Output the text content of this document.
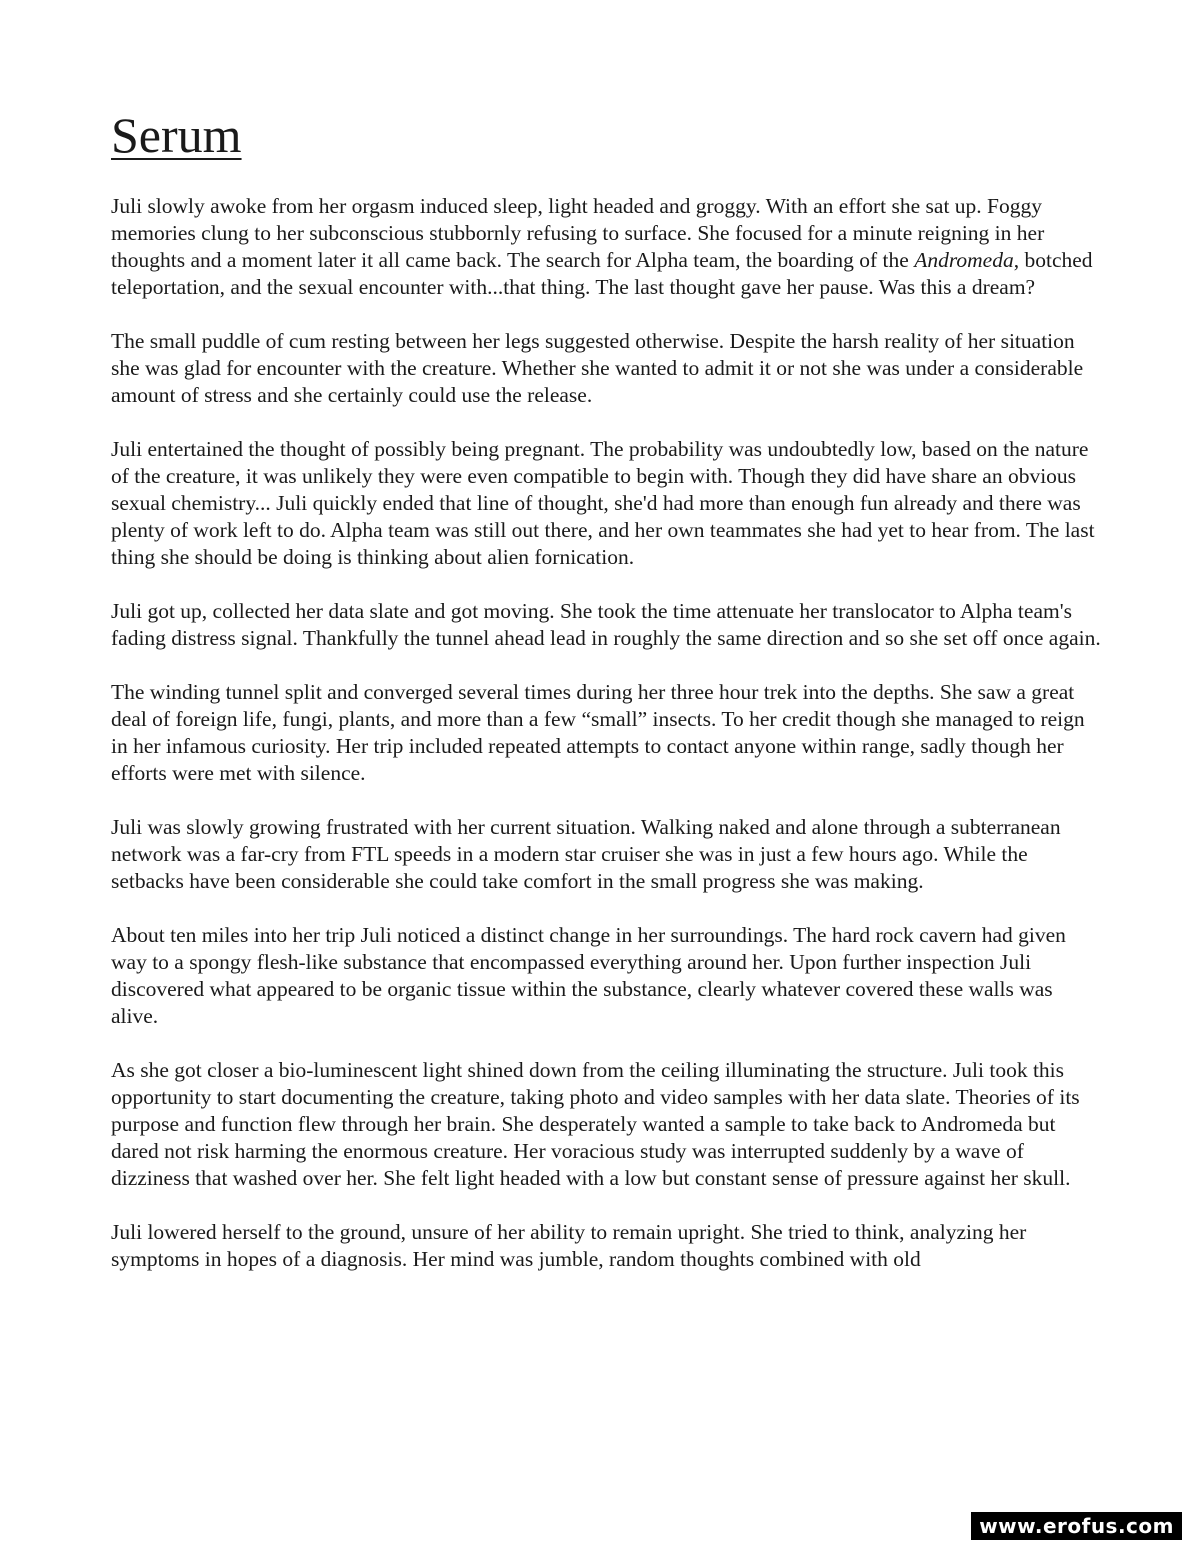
Serum

Juli slowly awoke from her orgasm induced sleep, light headed and groggy. With an effort she sat up. Foggy memories clung to her subconscious stubbornly refusing to surface. She focused for a minute reigning in her thoughts and a moment later it all came back. The search for Alpha team, the boarding of the Andromeda, botched teleportation, and the sexual encounter with...that thing. The last thought gave her pause. Was this a dream?

The small puddle of cum resting between her legs suggested otherwise. Despite the harsh reality of her situation she was glad for encounter with the creature. Whether she wanted to admit it or not she was under a considerable amount of stress and she certainly could use the release.

Juli entertained the thought of possibly being pregnant. The probability was undoubtedly low, based on the nature of the creature, it was unlikely they were even compatible to begin with. Though they did have share an obvious sexual chemistry... Juli quickly ended that line of thought, she'd had more than enough fun already and there was plenty of work left to do. Alpha team was still out there, and her own teammates she had yet to hear from. The last thing she should be doing is thinking about alien fornication.

Juli got up, collected her data slate and got moving. She took the time attenuate her translocator to Alpha team's fading distress signal. Thankfully the tunnel ahead lead in roughly the same direction and so she set off once again.

The winding tunnel split and converged several times during her three hour trek into the depths. She saw a great deal of foreign life, fungi, plants, and more than a few “small” insects. To her credit though she managed to reign in her infamous curiosity. Her trip included repeated attempts to contact anyone within range, sadly though her efforts were met with silence.

Juli was slowly growing frustrated with her current situation. Walking naked and alone through a subterranean network was a far-cry from FTL speeds in a modern star cruiser she was in just a few hours ago. While the setbacks have been considerable she could take comfort in the small progress she was making.

About ten miles into her trip Juli noticed a distinct change in her surroundings. The hard rock cavern had given way to a spongy flesh-like substance that encompassed everything around her. Upon further inspection Juli discovered what appeared to be organic tissue within the substance, clearly whatever covered these walls was alive.

As she got closer a bio-luminescent light shined down from the ceiling illuminating the structure. Juli took this opportunity to start documenting the creature, taking photo and video samples with her data slate. Theories of its purpose and function flew through her brain. She desperately wanted a sample to take back to Andromeda but dared not risk harming the enormous creature. Her voracious study was interrupted suddenly by a wave of dizziness that washed over her. She felt light headed with a low but constant sense of pressure against her skull.

Juli lowered herself to the ground, unsure of her ability to remain upright. She tried to think, analyzing her symptoms in hopes of a diagnosis. Her mind was jumble, random thoughts combined with old

www.erofus.com
